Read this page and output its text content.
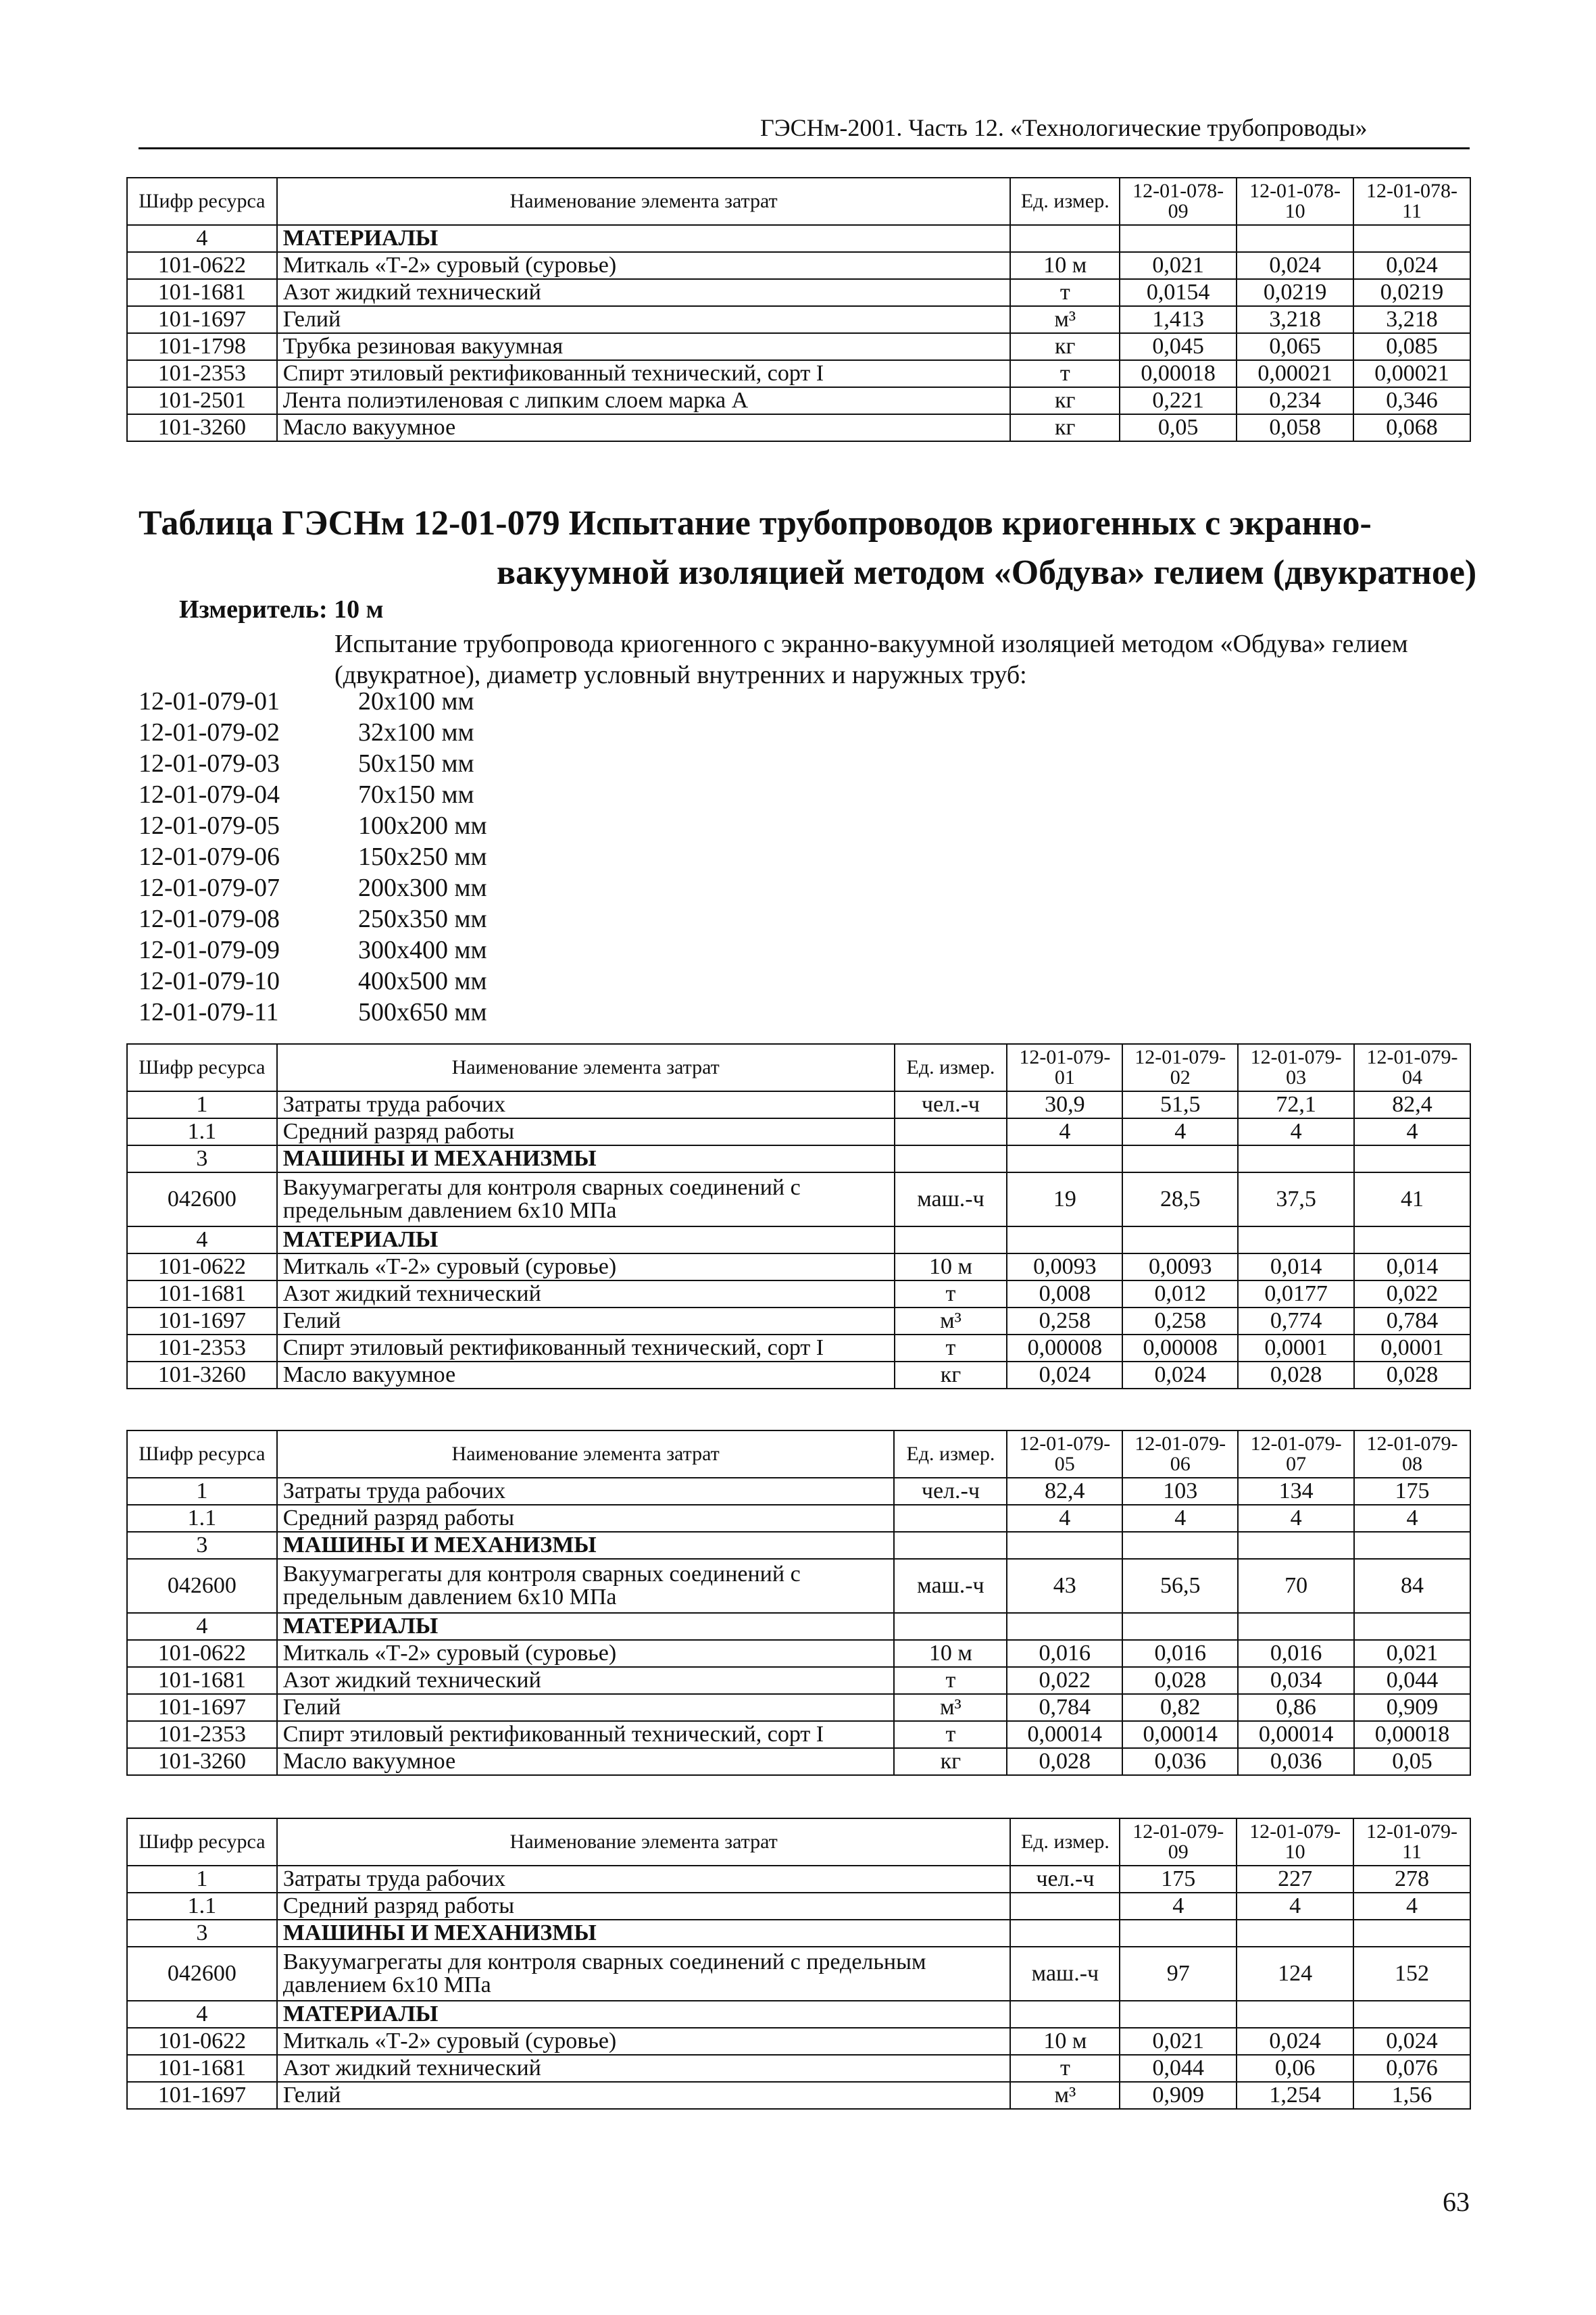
ГЭСНм-2001. Часть 12. «Технологические трубопроводы»
Шифр ресурса	Наименование элемента затрат	Ед. измер.	12-01-078-09	12-01-078-10	12-01-078-11
4	МАТЕРИАЛЫ				
101-0622	Миткаль «Т-2» суровый (суровье)	10 м	0,021	0,024	0,024
101-1681	Азот жидкий технический	т	0,0154	0,0219	0,0219
101-1697	Гелий	м³	1,413	3,218	3,218
101-1798	Трубка резиновая вакуумная	кг	0,045	0,065	0,085
101-2353	Спирт этиловый ректификованный технический, сорт I	т	0,00018	0,00021	0,00021
101-2501	Лента полиэтиленовая с липким слоем марка А	кг	0,221	0,234	0,346
101-3260	Масло вакуумное	кг	0,05	0,058	0,068
Таблица ГЭСНм 12-01-079 Испытание трубопроводов криогенных с экранно-
вакуумной изоляцией методом «Обдува» гелием (двукратное)
Измеритель: 10 м
Испытание трубопровода криогенного с экранно-вакуумной изоляцией методом «Обдува» гелием (двукратное), диаметр условный внутренних и наружных труб:
12-01-079-01	20х100 мм
12-01-079-02	32х100 мм
12-01-079-03	50х150 мм
12-01-079-04	70х150 мм
12-01-079-05	100х200 мм
12-01-079-06	150х250 мм
12-01-079-07	200х300 мм
12-01-079-08	250х350 мм
12-01-079-09	300х400 мм
12-01-079-10	400х500 мм
12-01-079-11	500х650 мм
Шифр ресурса	Наименование элемента затрат	Ед. измер.	12-01-079-01	12-01-079-02	12-01-079-03	12-01-079-04
1	Затраты труда рабочих	чел.-ч	30,9	51,5	72,1	82,4
1.1	Средний разряд работы		4	4	4	4
3	МАШИНЫ И МЕХАНИЗМЫ					
042600	Вакуумагрегаты для контроля сварных соединений с предельным давлением 6х10 МПа	маш.-ч	19	28,5	37,5	41
4	МАТЕРИАЛЫ					
101-0622	Миткаль «Т-2» суровый (суровье)	10 м	0,0093	0,0093	0,014	0,014
101-1681	Азот жидкий технический	т	0,008	0,012	0,0177	0,022
101-1697	Гелий	м³	0,258	0,258	0,774	0,784
101-2353	Спирт этиловый ректификованный технический, сорт I	т	0,00008	0,00008	0,0001	0,0001
101-3260	Масло вакуумное	кг	0,024	0,024	0,028	0,028
Шифр ресурса	Наименование элемента затрат	Ед. измер.	12-01-079-05	12-01-079-06	12-01-079-07	12-01-079-08
1	Затраты труда рабочих	чел.-ч	82,4	103	134	175
1.1	Средний разряд работы		4	4	4	4
3	МАШИНЫ И МЕХАНИЗМЫ					
042600	Вакуумагрегаты для контроля сварных соединений с предельным давлением 6х10 МПа	маш.-ч	43	56,5	70	84
4	МАТЕРИАЛЫ					
101-0622	Миткаль «Т-2» суровый (суровье)	10 м	0,016	0,016	0,016	0,021
101-1681	Азот жидкий технический	т	0,022	0,028	0,034	0,044
101-1697	Гелий	м³	0,784	0,82	0,86	0,909
101-2353	Спирт этиловый ректификованный технический, сорт I	т	0,00014	0,00014	0,00014	0,00018
101-3260	Масло вакуумное	кг	0,028	0,036	0,036	0,05
Шифр ресурса	Наименование элемента затрат	Ед. измер.	12-01-079-09	12-01-079-10	12-01-079-11
1	Затраты труда рабочих	чел.-ч	175	227	278
1.1	Средний разряд работы		4	4	4
3	МАШИНЫ И МЕХАНИЗМЫ				
042600	Вакуумагрегаты для контроля сварных соединений с предельным давлением 6х10 МПа	маш.-ч	97	124	152
4	МАТЕРИАЛЫ				
101-0622	Миткаль «Т-2» суровый (суровье)	10 м	0,021	0,024	0,024
101-1681	Азот жидкий технический	т	0,044	0,06	0,076
101-1697	Гелий	м³	0,909	1,254	1,56
63
